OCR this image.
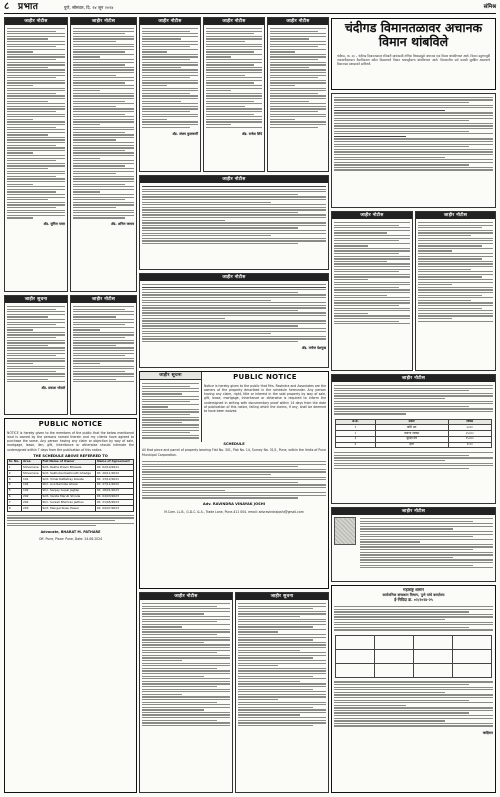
८ प्रभात	पुणे, सोमवार, दि. २४ जून २०२४	संमिश्र
जाहीर नोटीस
ॲड. सुनिल पवार
जाहीर सूचना
ॲड. प्रकाश भोसले
जाहीर नोटीस
ॲड. अनिल जाधव
जाहीर नोटीस
PUBLIC NOTICE
NOTICE is hereby given to the members of the public that the below mentioned land is owned by the persons named therein and my clients have agreed to purchase the same. Any person having any claim or objection by way of sale, mortgage, lease, lien, gift, inheritance or otherwise should intimate the undersigned within 7 days from the publication of this notice.
THE SCHEDULE ABOVE REFERRED TO
Sr. No.	Area	Full Name of Owner	Name of Agreement
1	Shivarrane	Smt. Rekha Pravin Bhosale	Dt. 02/10/2021
2	Shivarrane	Smt. Sakhubai Kashinath Ghadge	Dt. 26/11/2022
3	101	Smt. Vimal Dattatray Kokate	Dt. 13/12/2021
4	101	Shri. Anil Ramdas Ghare	Dt. 27/11/2022
5	102	Shri. Sanjay Gopal Jagtap	Dt. 18/01/2023
6	202	Smt. Vanita Maruti Shinde	Dt. 04/03/2023
7	202	Shri. Suresh Bhimrao Jadhav	Dt. 21/05/2023
8	203	Smt. Mangal Kisan Pawar	Dt. 09/07/2023
Advocate, BHARAT M. PATHARE
Off. Pune, Place: Pune, Date: 24.06.2024
जाहीर नोटीस
ॲड. संजय कुलकर्णी
जाहीर नोटीस
ॲड. राजेश शिंदे
जाहीर नोटीस
जाहीर नोटीस
जाहीर नोटीस
ॲड. मनोज देशमुख
जाहीर सूचना	PUBLIC NOTICE
Notice is hereby given to the public that Mrs. Ravindra and Associates are the owners of the property described in the schedule hereunder. Any person having any claim, right, title or interest in the said property by way of sale, gift, lease, mortgage, inheritance or otherwise is required to inform the undersigned in writing with documentary proof within 14 days from the date of publication of this notice, failing which the claims, if any, shall be deemed to have been waived.
SCHEDULE
All that piece and parcel of property bearing Flat No. 301, Plot No. 14, Survey No. 31/1, Pune, within the limits of Pune Municipal Corporation.
Adv. RAVINDRA VINAYAK JOSHI
M.Com. LL.B., G.D.C. & A., Trade Lane, Pune-411 004. email: advravindrajoshi@gmail.com
जाहीर नोटीस	जाहीर सूचना
चंदीगड विमानतळावर अचानक विमान थांबविले
चंदीगड, ता. २३ – चंदीगड विमानतळावर रविवारी सायंकाळी तांत्रिक बिघाडामुळे अचानक एक विमान थांबविण्यात आले. विमान उड्डाणापूर्वी तपासणीदरम्यान वैमानिकाला संकेत मिळाल्याने विमान धावपट्टीवरच थांबविण्यात आले. विमानातील सर्व प्रवासी सुरक्षित असल्याचे विमानतळ प्रशासनाने सांगितले.
जाहीर नोटीस	जाहीर नोटीस
जाहीर नोटीस
अ.क्र.	प्रकार	रक्कम
१	कोरी प्रत	५०००
२	बयाणा रक्कम	२५०००
३	सुरक्षा ठेव	१५०००
४	इतर	१०००
जाहीर नोटीस
महाराष्ट्र शासन
सार्वजनिक बांधकाम विभाग, पुणे यांचे कार्यालय
ई-निविदा क्र. ०२/२०२४-२५

जाहिरात
